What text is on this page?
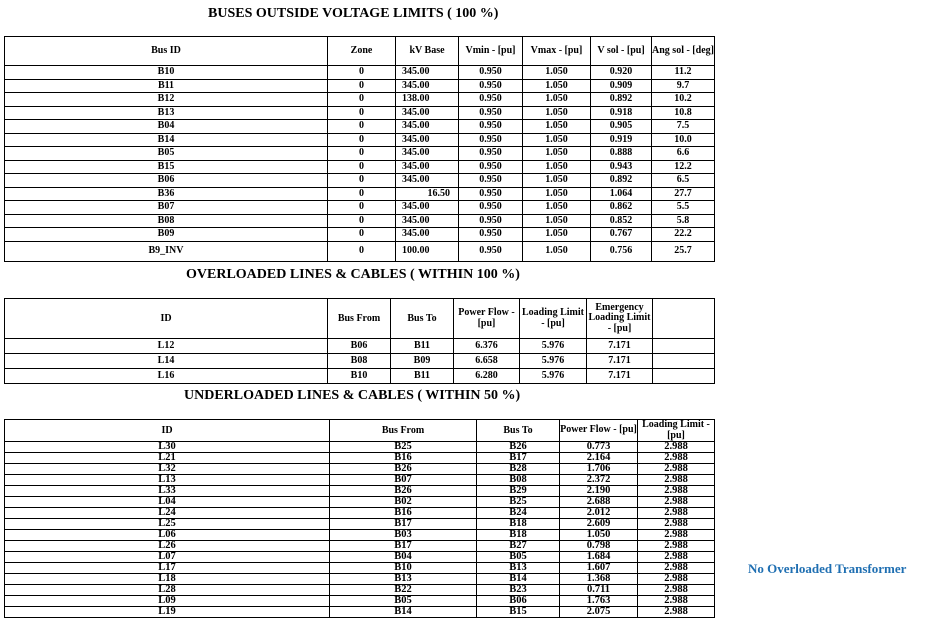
BUSES OUTSIDE VOLTAGE LIMITS ( 100 %)
Bus ID	Zone	kV Base	Vmin - [pu]	Vmax - [pu]	V sol - [pu]	Ang sol - [deg]

B10	0	345.00	0.950	1.050	0.920	11.2
B11	0	345.00	0.950	1.050	0.909	9.7
B12	0	138.00	0.950	1.050	0.892	10.2
B13	0	345.00	0.950	1.050	0.918	10.8
B04	0	345.00	0.950	1.050	0.905	7.5
B14	0	345.00	0.950	1.050	0.919	10.0
B05	0	345.00	0.950	1.050	0.888	6.6
B15	0	345.00	0.950	1.050	0.943	12.2
B06	0	345.00	0.950	1.050	0.892	6.5
B36	0	16.50	0.950	1.050	1.064	27.7
B07	0	345.00	0.950	1.050	0.862	5.5
B08	0	345.00	0.950	1.050	0.852	5.8
B09	0	345.00	0.950	1.050	0.767	22.2
B9_INV	0	100.00	0.950	1.050	0.756	25.7
OVERLOADED LINES & CABLES ( WITHIN 100 %)
ID	Bus From	Bus To	Power Flow - [pu]	Loading Limit - [pu]	Emergency Loading Limit - [pu]	

L12	B06	B11	6.376	5.976	7.171	
L14	B08	B09	6.658	5.976	7.171	
L16	B10	B11	6.280	5.976	7.171	
UNDERLOADED LINES & CABLES ( WITHIN 50 %)
ID	Bus From	Bus To	Power Flow - [pu]	Loading Limit - [pu]

L30	B25	B26	0.773	2.988
L21	B16	B17	2.164	2.988
L32	B26	B28	1.706	2.988
L13	B07	B08	2.372	2.988
L33	B26	B29	2.190	2.988
L04	B02	B25	2.688	2.988
L24	B16	B24	2.012	2.988
L25	B17	B18	2.609	2.988
L06	B03	B18	1.050	2.988
L26	B17	B27	0.798	2.988
L07	B04	B05	1.684	2.988
L17	B10	B13	1.607	2.988
L18	B13	B14	1.368	2.988
L28	B22	B23	0.711	2.988
L09	B05	B06	1.763	2.988
L19	B14	B15	2.075	2.988
No Overloaded Transformer
